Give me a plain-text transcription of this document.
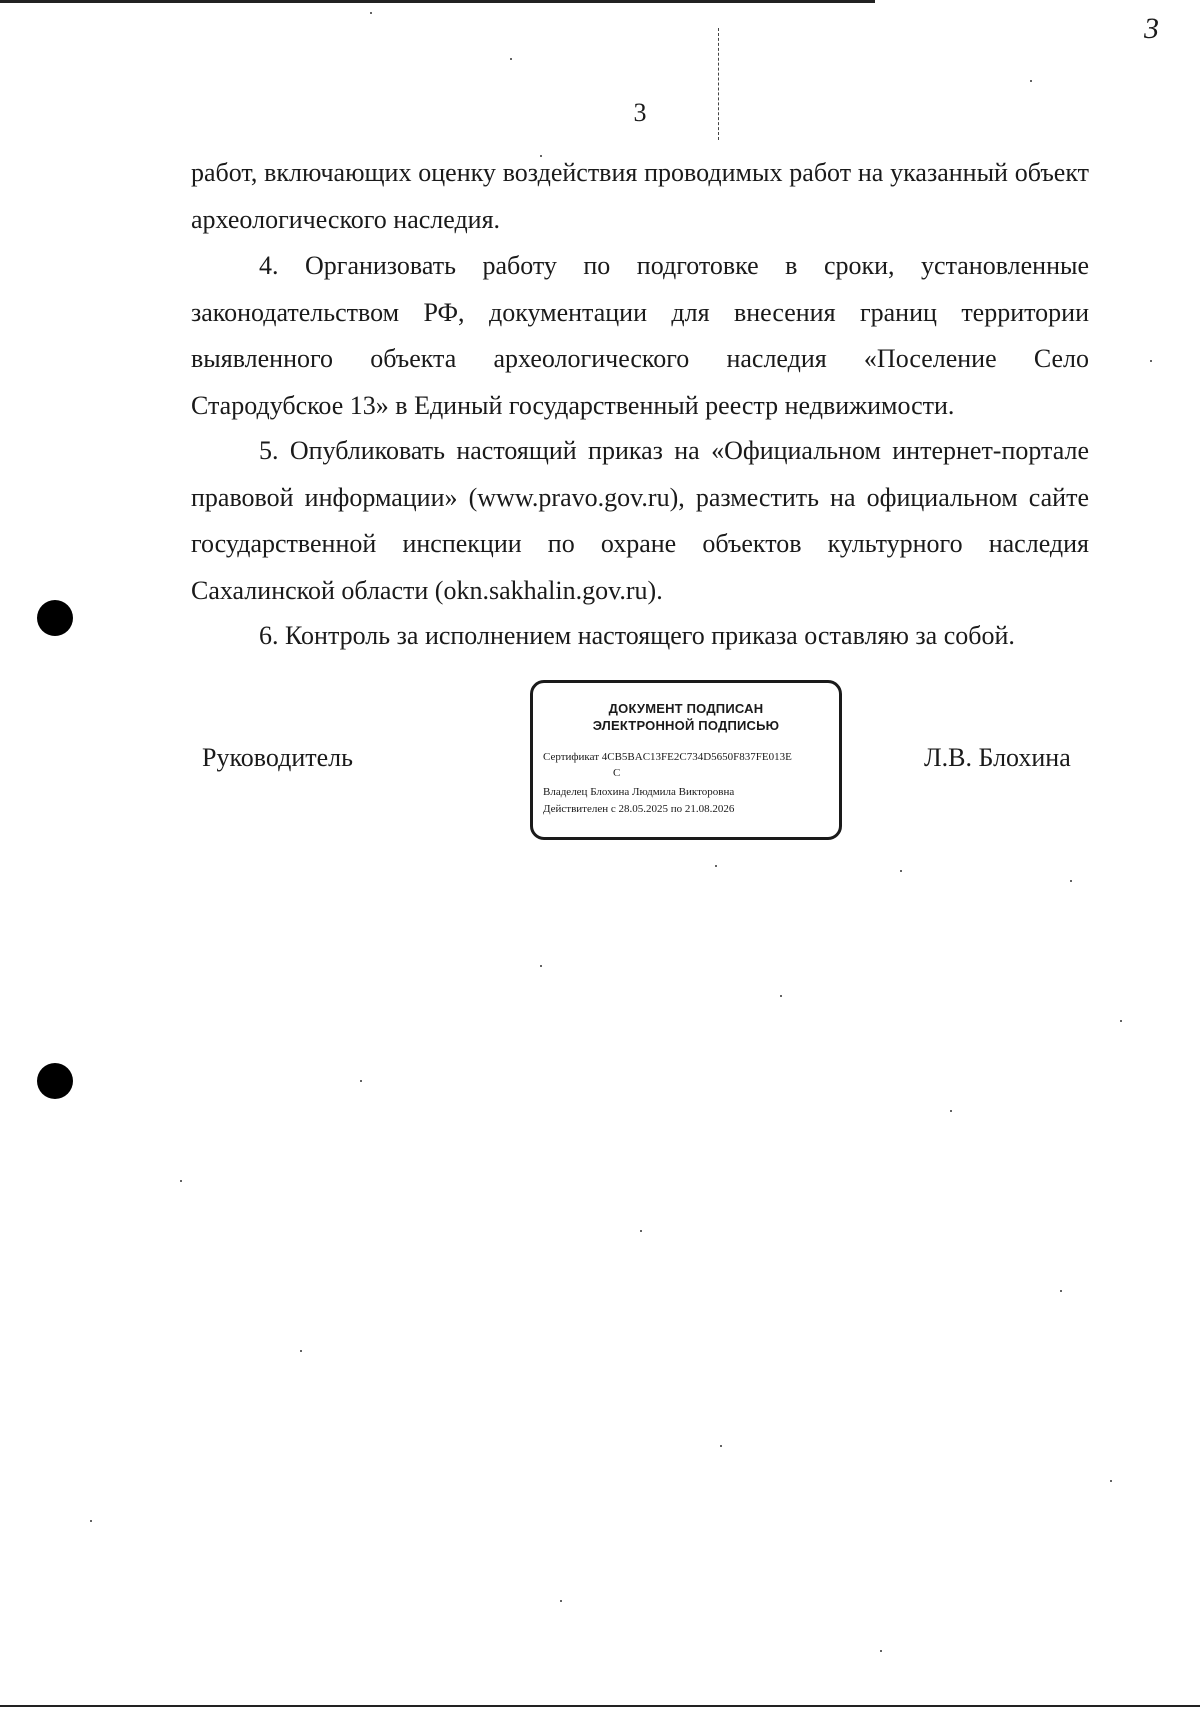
3
3

работ, включающих оценку воздействия проводимых работ на указанный объект археологического наследия.

4. Организовать работу по подготовке в сроки, установленные законодательством РФ, документации для внесения границ территории выявленного объекта археологического наследия «Поселение Село Стародубское 13» в Единый государственный реестр недвижимости.

5. Опубликовать настоящий приказ на «Официальном интернет-портале правовой информации» (www.pravo.gov.ru), разместить на официальном сайте государственной инспекции по охране объектов культурного наследия Сахалинской области (okn.sakhalin.gov.ru).

6. Контроль за исполнением настоящего приказа оставляю за собой.

Руководитель
ДОКУМЕНТ ПОДПИСАН
ЭЛЕКТРОННОЙ ПОДПИСЬЮ
Сертификат 4CB5BAC13FE2C734D5650F837FE013E
C
Владелец Блохина Людмила Викторовна
Действителен с 28.05.2025 по 21.08.2026
Л.В. Блохина
